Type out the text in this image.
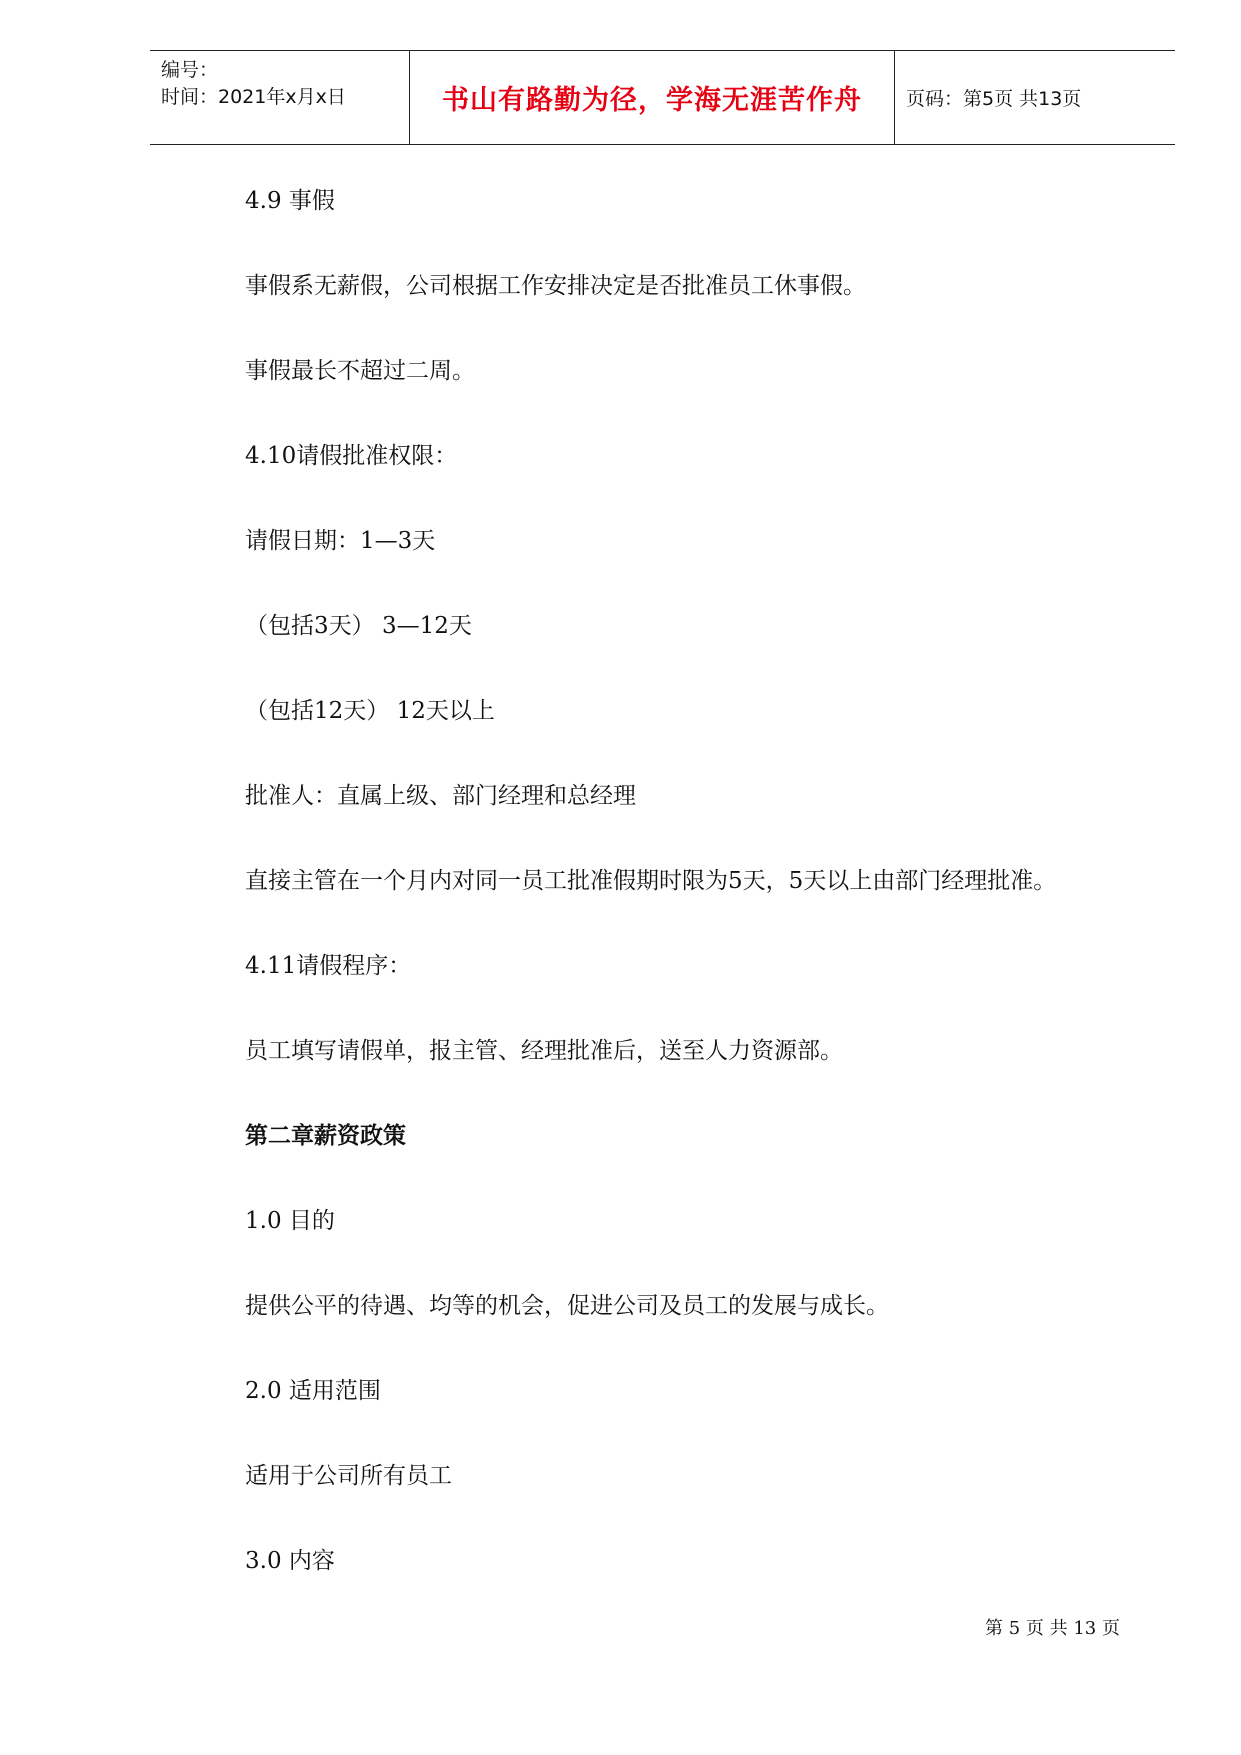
编号：
时间：2021年x月x日	书山有路勤为径，学海无涯苦作舟	页码：第5页 共13页
4.9 事假
事假系无薪假，公司根据工作安排决定是否批准员工休事假。
事假最长不超过二周。
4.10请假批准权限：
请假日期：1—3天
（包括3天） 3—12天
（包括12天） 12天以上
批准人：直属上级、部门经理和总经理
直接主管在一个月内对同一员工批准假期时限为5天，5天以上由部门经理批准。
4.11请假程序：
员工填写请假单，报主管、经理批准后，送至人力资源部。
第二章薪资政策
1.0 目的
提供公平的待遇、均等的机会，促进公司及员工的发展与成长。
2.0 适用范围
适用于公司所有员工
3.0 内容
第 5 页 共 13 页
